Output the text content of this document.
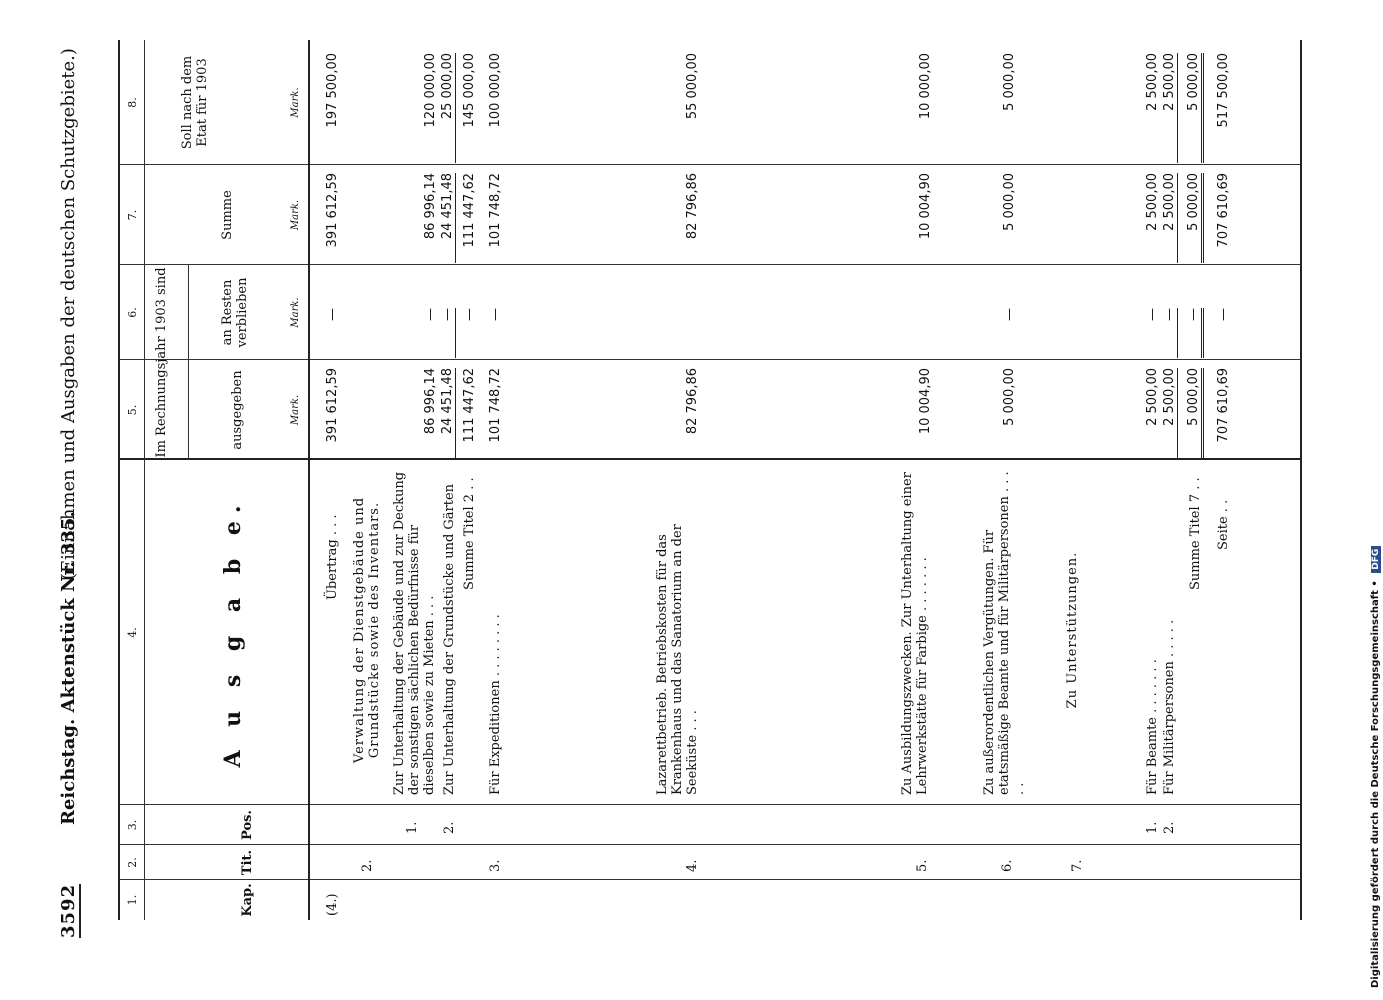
3592
Reichstag. Aktenstück Nr. 335.
(Einnahmen und Ausgaben der deutschen Schutzgebiete.)
1.
2.
3.
4.
5.
6.
7.
8.
Kap.
Tit.
Pos.
A u s g a b e.
Im Rechnungsjahr 1903 sind	ausgegeben
an Resten verblieben
Summe
Soll nach dem Etat für 1903
Mark.
Mark.
Mark.
Mark.
(4.)
Übertrag . . .
391 612,59
—
391 612,59
197 500,00
2.
Verwaltung der Dienstgebäude und Grundstücke sowie des Inventars.
1.
Zur Unterhaltung der Gebäude und zur Deckung der sonstigen sächlichen Bedürfnisse für dieselben sowie zu Mieten . . .
86 996,14
—
86 996,14
120 000,00
2.
Zur Unterhaltung der Grundstücke und Gärten
24 451,48
—
24 451,48
25 000,00
Summe Titel 2 . .
111 447,62
—
111 447,62
145 000,00
3.
Für Expeditionen . . . . . . . .
101 748,72
—
101 748,72
100 000,00
4.
Lazarettbetrieb. Betriebskosten für das Krankenhaus und das Sanatorium an der Seeküste . . .
82 796,86
82 796,86
55 000,00
5.
Zu Ausbildungszwecken. Zur Unterhaltung einer Lehrwerkstätte für Farbige . . . . . . .
10 004,90
10 004,90
10 000,00
6.
Zu außerordentlichen Vergütungen. Für etatsmäßige Beamte und für Militärpersonen . . . . .
5 000,00
—
5 000,00
5 000,00
7.
Zu Unterstützungen.
1.
Für Beamte . . . . . . .
2 500,00
—
2 500,00
2 500,00
2.
Für Militärpersonen . . . . .
2 500,00
—
2 500,00
2 500,00
Summe Titel 7 . .
5 000,00
—
5 000,00
5 000,00
Seite . .
707 610,69
—
707 610,69
517 500,00
Digitalisierung gefördert durch die Deutsche Forschungsgemeinschaft • DFG
